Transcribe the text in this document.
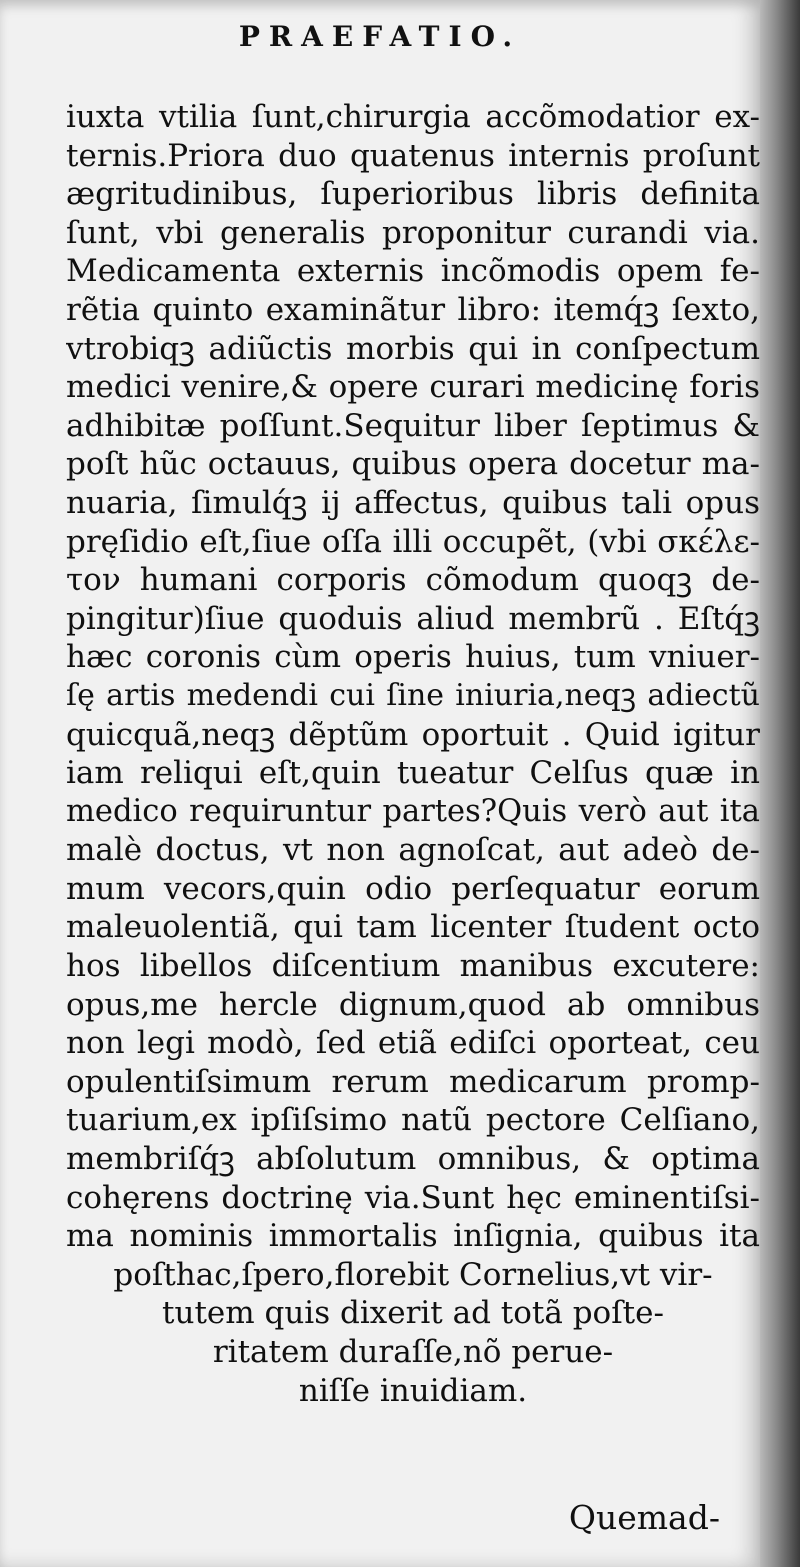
PRAEFATIO.
iuxta vtilia ſunt,chirurgia accõmodatior ex-
ternis.Priora duo quatenus internis proſunt
ægritudinibus, ſuperioribus libris definita
ſunt, vbi generalis proponitur curandi via.
Medicamenta externis incõmodis opem fe-
rẽtia quinto examinãtur libro: itemq́ꝫ ſexto,
vtrobiqꝫ adiũctis morbis qui in conſpectum
medici venire,& opere curari medicinę foris
adhibitæ poſſunt.Sequitur liber ſeptimus &
poſt hũc octauus, quibus opera docetur ma-
nuaria, ſimulq́ꝫ ij affectus, quibus tali opus
pręſidio eſt,ſiue oſſa illi occupẽt, (vbi σκέλε-
τον humani corporis cõmodum quoqꝫ de-
pingitur)ſiue quoduis aliud membrũ . Eſtq́ꝫ
hæc coronis cùm operis huius, tum vniuer-
ſę artis medendi cui ſine iniuria,neqꝫ adiectũ
quicquã,neqꝫ dẽptũm oportuit . Quid igitur
iam reliqui eſt,quin tueatur Celſus quæ in
medico requiruntur partes?Quis verò aut ita
malè doctus, vt non agnoſcat, aut adeò de-
mum vecors,quin odio perſequatur eorum
maleuolentiã, qui tam licenter ſtudent octo
hos libellos diſcentium manibus excutere:
opus,me hercle dignum,quod ab omnibus
non legi modò, ſed etiã ediſci oporteat, ceu
opulentiſsimum rerum medicarum promp-
tuarium,ex ipſiſsimo natũ pectore Celſiano,
membriſq́ꝫ abſolutum omnibus, & optima
cohęrens doctrinę via.Sunt hęc eminentiſsi-
ma nominis immortalis inſignia, quibus ita
poſthac,ſpero,florebit Cornelius,vt vir-
tutem quis dixerit ad totã poſte-
ritatem duraſſe,nõ perue-
niſſe inuidiam.
Quemad-
